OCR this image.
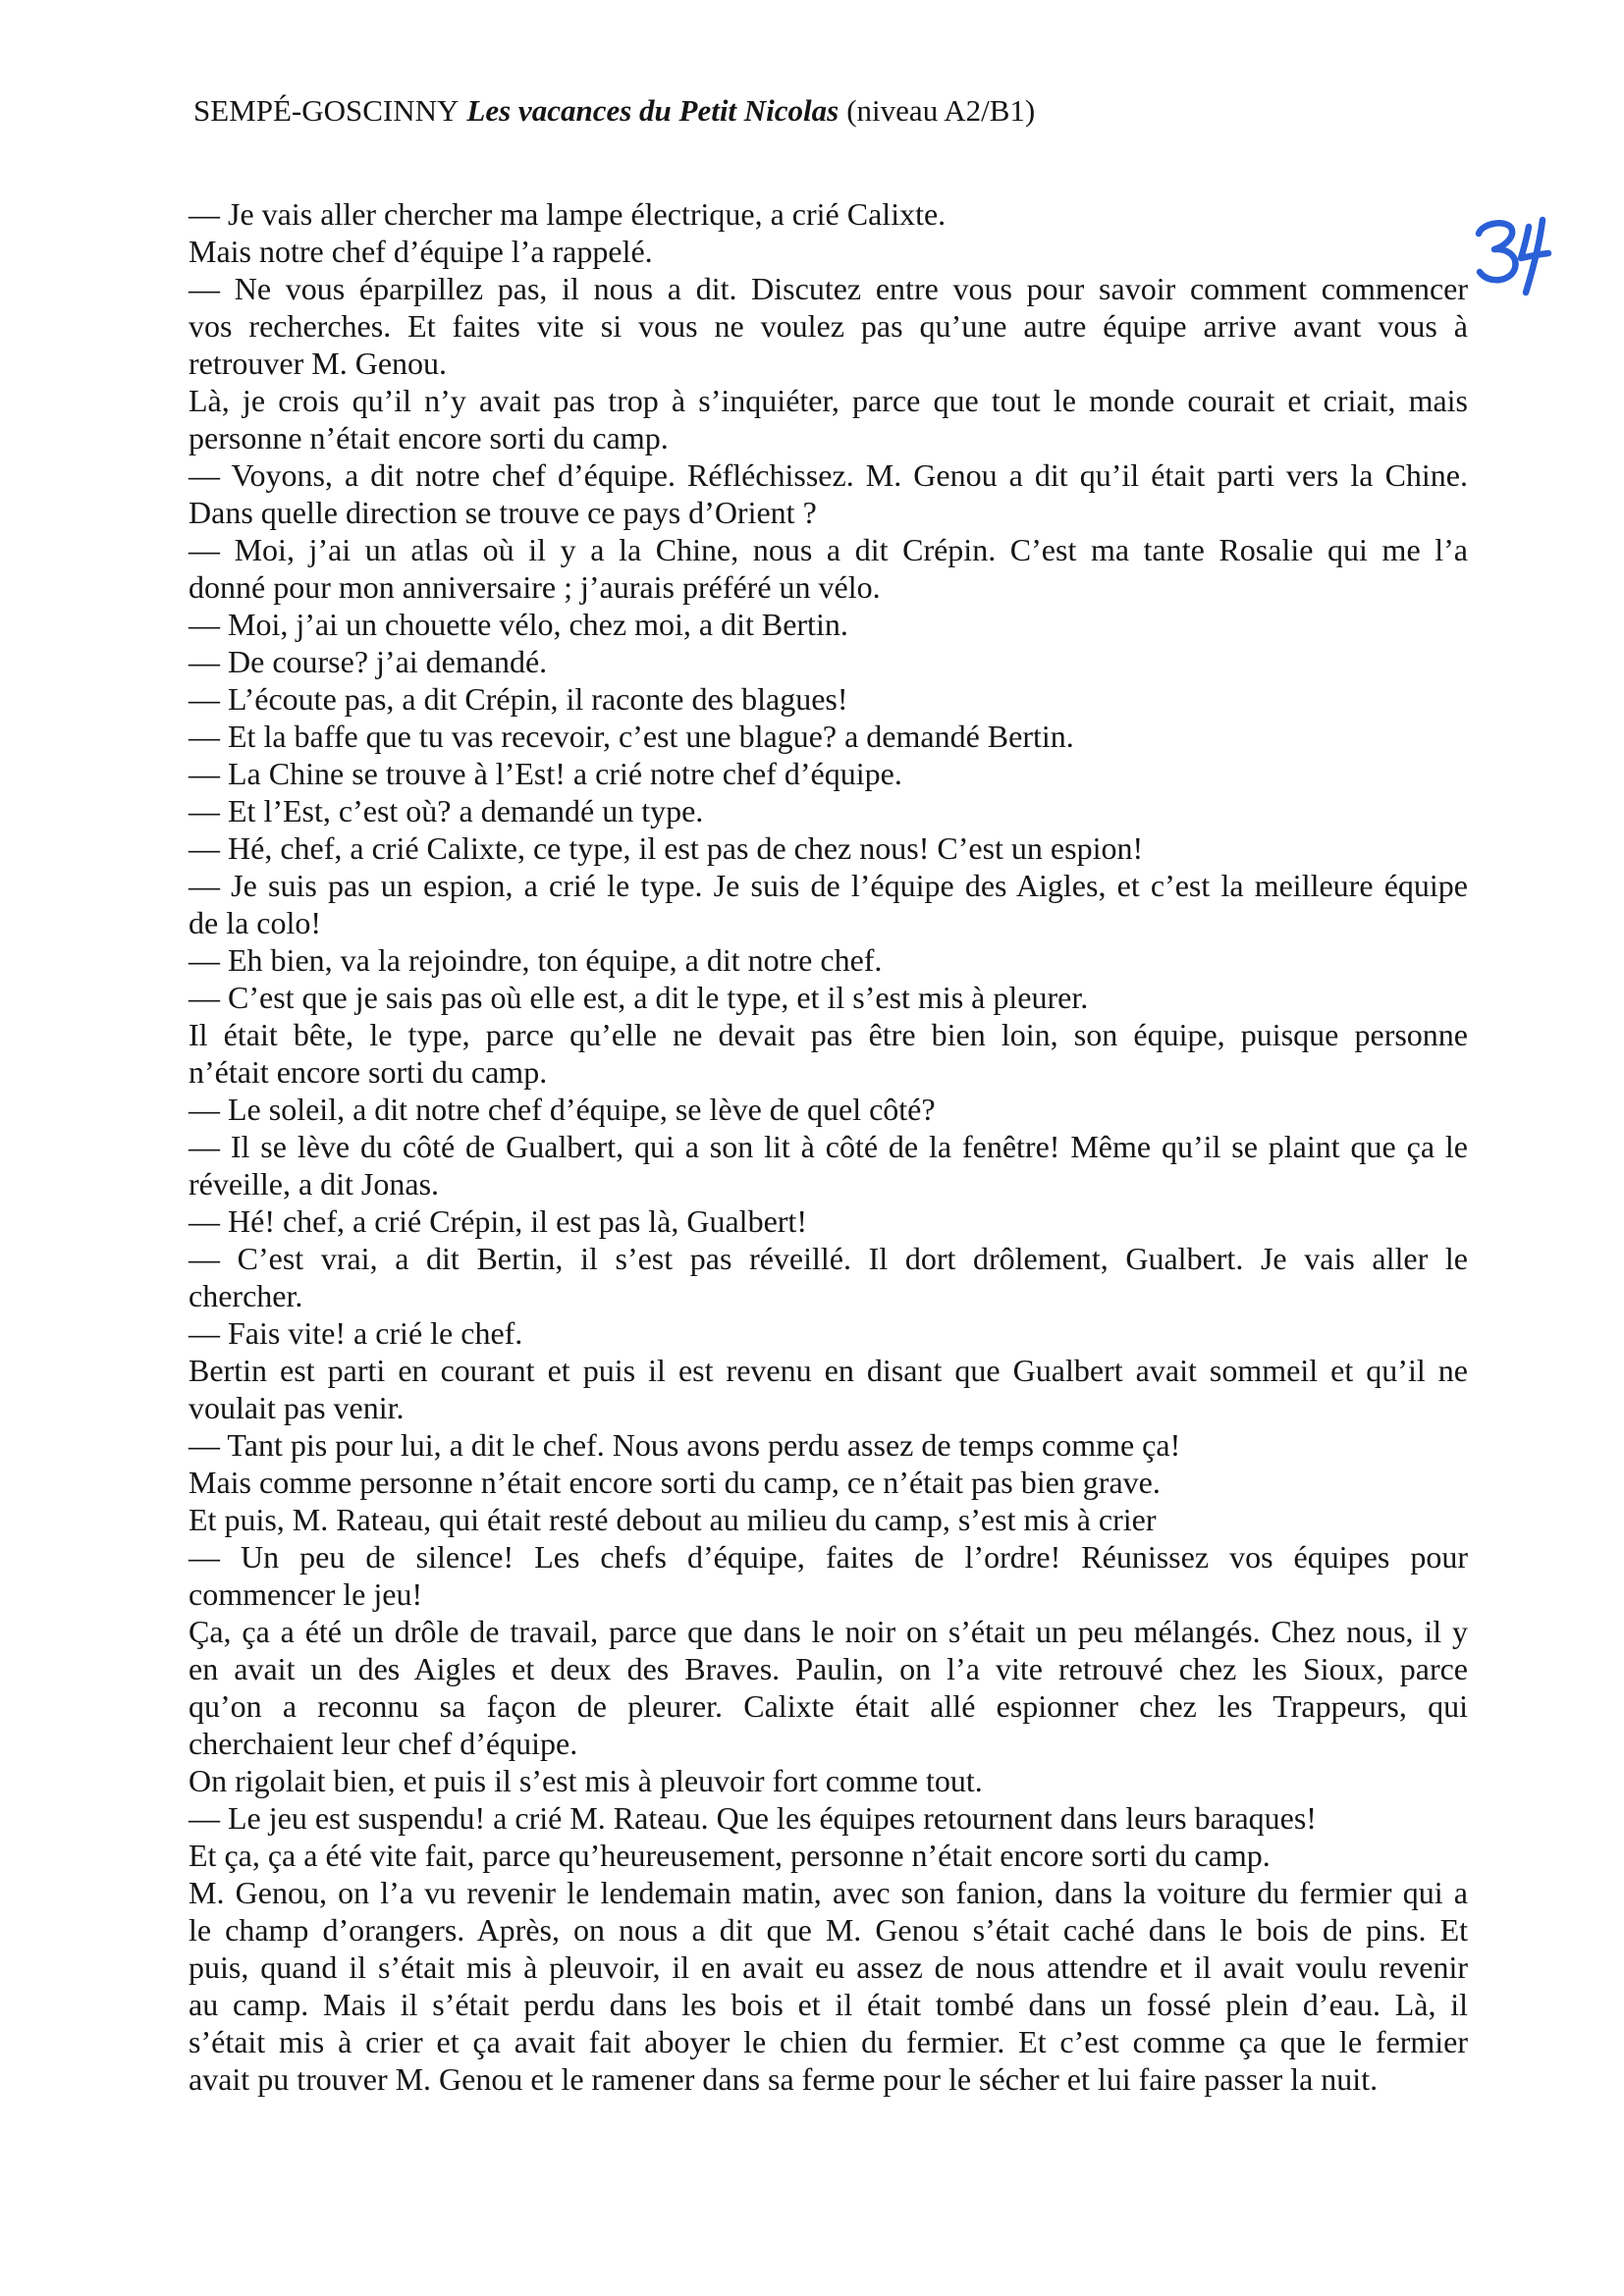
SEMPÉ-GOSCINNY Les vacances du Petit Nicolas (niveau A2/B1)
— Je vais aller chercher ma lampe électrique, a crié Calixte.
Mais notre chef d’équipe l’a rappelé.
— Ne vous éparpillez pas, il nous a dit. Discutez entre vous pour savoir comment commencer
vos recherches. Et faites vite si vous ne voulez pas qu’une autre équipe arrive avant vous à
retrouver M. Genou.
Là, je crois qu’il n’y avait pas trop à s’inquiéter, parce que tout le monde courait et criait, mais
personne n’était encore sorti du camp.
— Voyons, a dit notre chef d’équipe. Réfléchissez. M. Genou a dit qu’il était parti vers la Chine.
Dans quelle direction se trouve ce pays d’Orient ?
— Moi, j’ai un atlas où il y a la Chine, nous a dit Crépin. C’est ma tante Rosalie qui me l’a
donné pour mon anniversaire ; j’aurais préféré un vélo.
— Moi, j’ai un chouette vélo, chez moi, a dit Bertin.
— De course? j’ai demandé.
— L’écoute pas, a dit Crépin, il raconte des blagues!
— Et la baffe que tu vas recevoir, c’est une blague? a demandé Bertin.
— La Chine se trouve à l’Est! a crié notre chef d’équipe.
— Et l’Est, c’est où? a demandé un type.
— Hé, chef, a crié Calixte, ce type, il est pas de chez nous! C’est un espion!
— Je suis pas un espion, a crié le type. Je suis de l’équipe des Aigles, et c’est la meilleure équipe
de la colo!
— Eh bien, va la rejoindre, ton équipe, a dit notre chef.
— C’est que je sais pas où elle est, a dit le type, et il s’est mis à pleurer.
Il était bête, le type, parce qu’elle ne devait pas être bien loin, son équipe, puisque personne
n’était encore sorti du camp.
— Le soleil, a dit notre chef d’équipe, se lève de quel côté?
— Il se lève du côté de Gualbert, qui a son lit à côté de la fenêtre! Même qu’il se plaint que ça le
réveille, a dit Jonas.
— Hé! chef, a crié Crépin, il est pas là, Gualbert!
— C’est vrai, a dit Bertin, il s’est pas réveillé. Il dort drôlement, Gualbert. Je vais aller le
chercher.
— Fais vite! a crié le chef.
Bertin est parti en courant et puis il est revenu en disant que Gualbert avait sommeil et qu’il ne
voulait pas venir.
— Tant pis pour lui, a dit le chef. Nous avons perdu assez de temps comme ça!
Mais comme personne n’était encore sorti du camp, ce n’était pas bien grave.
Et puis, M. Rateau, qui était resté debout au milieu du camp, s’est mis à crier
— Un peu de silence! Les chefs d’équipe, faites de l’ordre! Réunissez vos équipes pour
commencer le jeu!
Ça, ça a été un drôle de travail, parce que dans le noir on s’était un peu mélangés. Chez nous, il y
en avait un des Aigles et deux des Braves. Paulin, on l’a vite retrouvé chez les Sioux, parce
qu’on a reconnu sa façon de pleurer. Calixte était allé espionner chez les Trappeurs, qui
cherchaient leur chef d’équipe.
On rigolait bien, et puis il s’est mis à pleuvoir fort comme tout.
— Le jeu est suspendu! a crié M. Rateau. Que les équipes retournent dans leurs baraques!
Et ça, ça a été vite fait, parce qu’heureusement, personne n’était encore sorti du camp.
M. Genou, on l’a vu revenir le lendemain matin, avec son fanion, dans la voiture du fermier qui a
le champ d’orangers. Après, on nous a dit que M. Genou s’était caché dans le bois de pins. Et
puis, quand il s’était mis à pleuvoir, il en avait eu assez de nous attendre et il avait voulu revenir
au camp. Mais il s’était perdu dans les bois et il était tombé dans un fossé plein d’eau. Là, il
s’était mis à crier et ça avait fait aboyer le chien du fermier. Et c’est comme ça que le fermier
avait pu trouver M. Genou et le ramener dans sa ferme pour le sécher et lui faire passer la nuit.
